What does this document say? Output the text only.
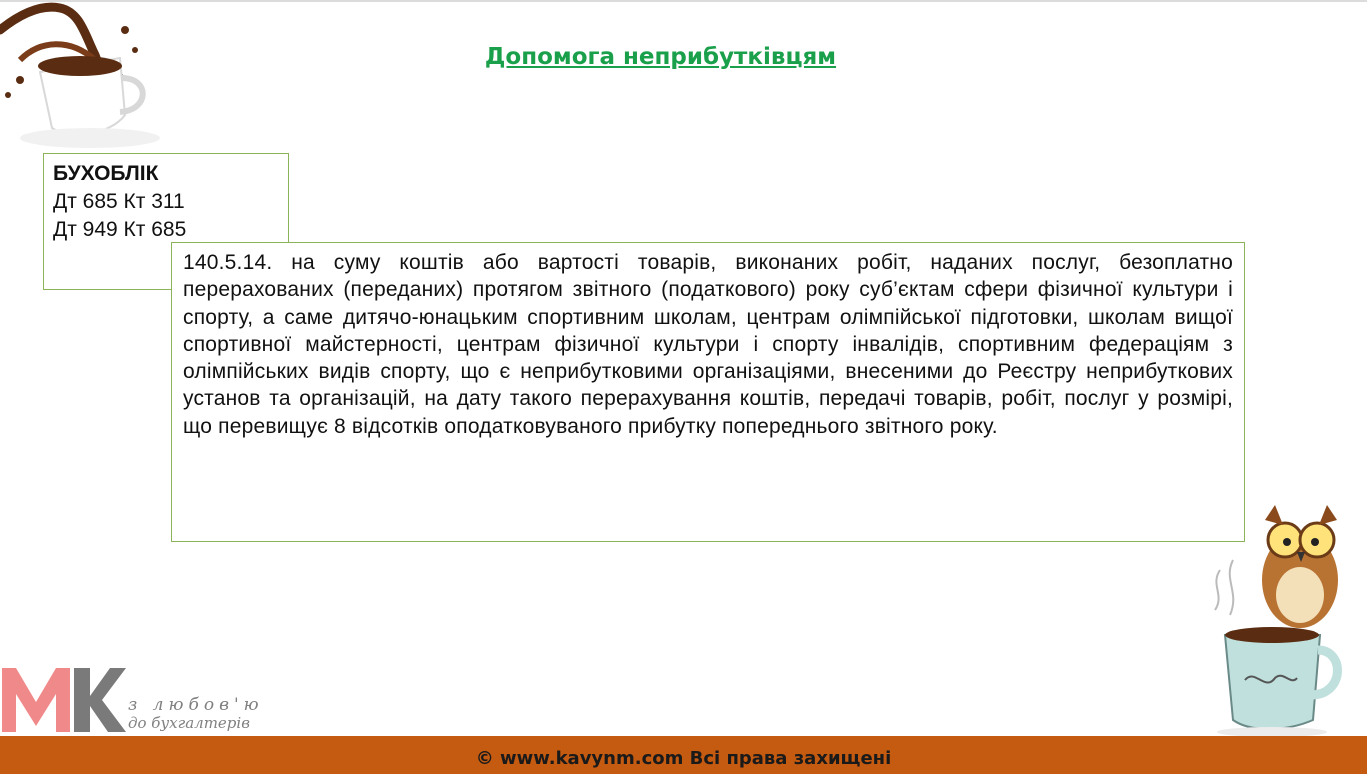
Допомога неприбутківцям
БУХОБЛІК
Дт 685 Кт 311
Дт 949 Кт 685

140.5.14. на суму коштів або вартості товарів, виконаних робіт, наданих послуг, безоплатно перерахованих (переданих) протягом звітного (податкового) року суб’єктам сфери фізичної культури і спорту, а саме дитячо-юнацьким спортивним школам, центрам олімпійської підготовки, школам вищої спортивної майстерності, центрам фізичної культури і спорту інвалідів, спортивним федераціям з олімпійських видів спорту, що є неприбутковими організаціями, внесеними до Реєстру неприбуткових установ та організацій, на дату такого перерахування коштів, передачі товарів, робіт, послуг у розмірі, що перевищує 8 відсотків оподатковуваного прибутку попереднього звітного року.

з любов'ю
до бухгалтерів
© www.kavynm.com Всі права захищені
